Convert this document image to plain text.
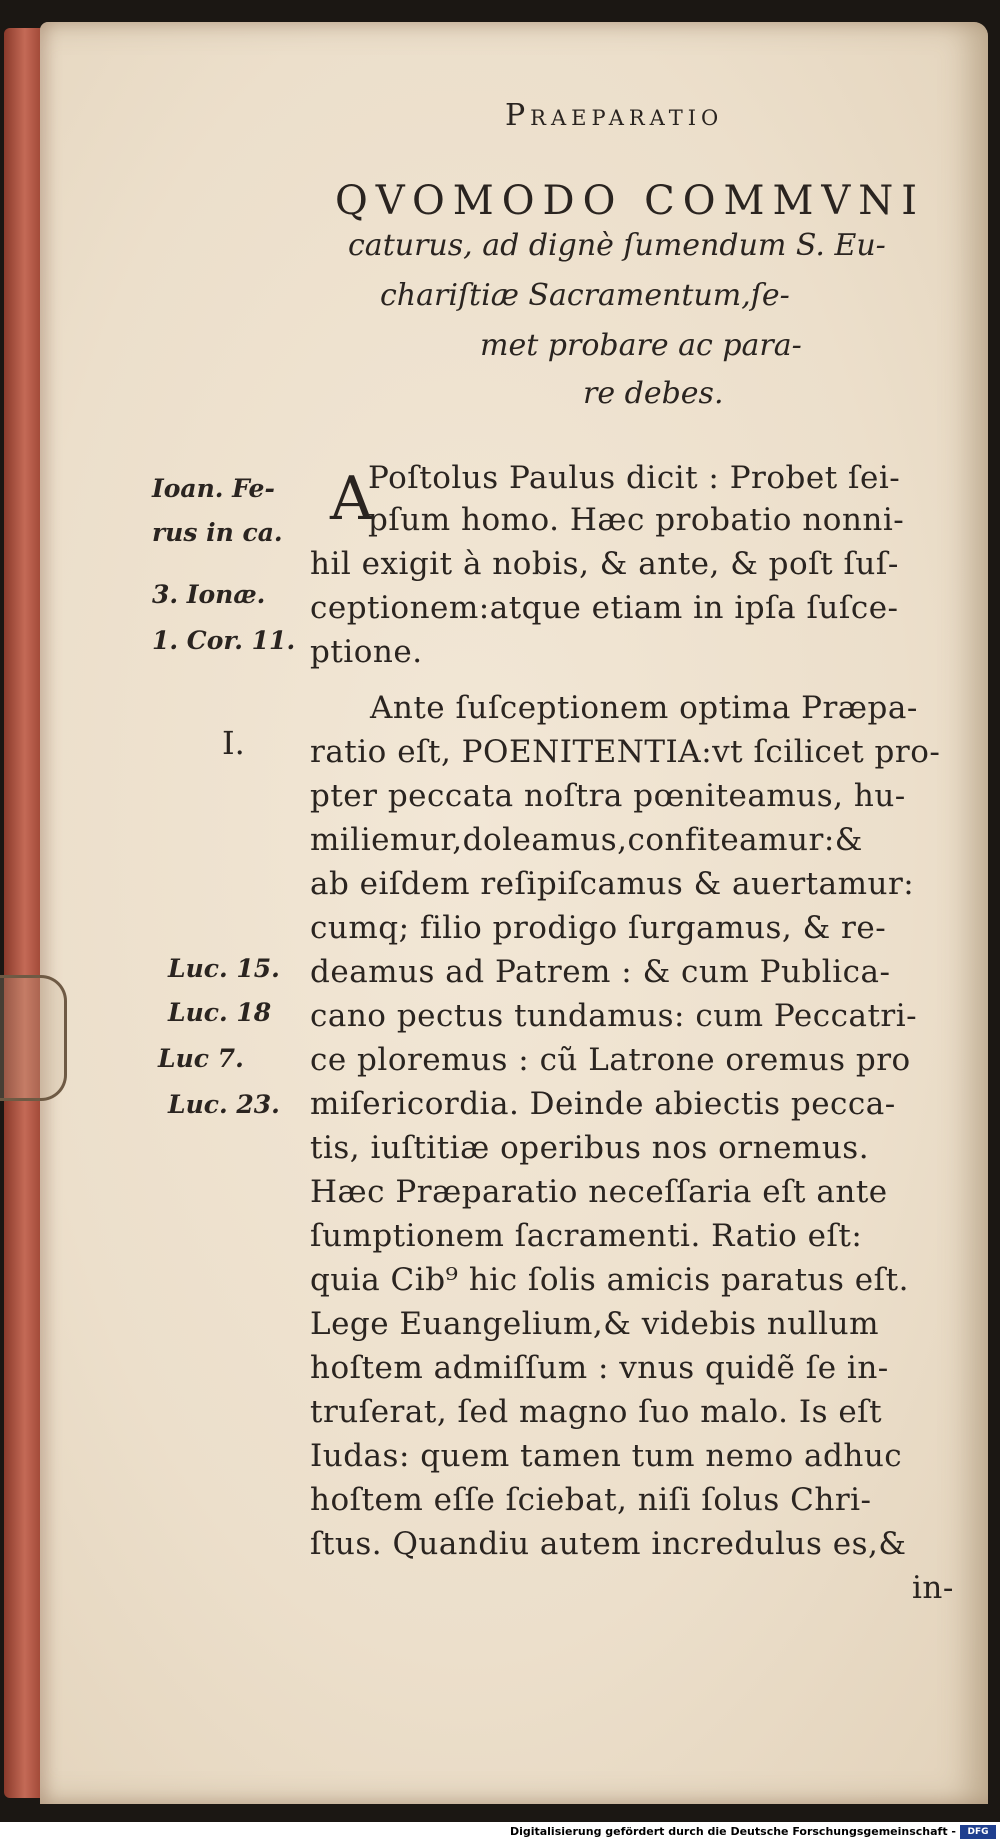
Praeparatio
QVOMODO COMMVNI
caturus, ad dignè ſumendum S. Eu-
chariſtiæ Sacramentum,ſe-
met probare ac para-
re debes.
Ioan. Fe-
rus in ca.
3. Ionæ.
1. Cor. 11.
Luc. 15.
Luc. 18
Luc 7.
Luc. 23.
I.
A
Poſtolus Paulus dicit : Probet ſei-
pſum homo. Hæc probatio nonni-
hil exigit à nobis, & ante, & poſt ſuſ-
ceptionem:atque etiam in ipſa ſuſce-
ptione.
Ante ſuſceptionem optima Præpa-
ratio eſt, POENITENTIA:vt ſcilicet pro-
pter peccata noſtra pœniteamus, hu-
miliemur,doleamus,confiteamur:&
ab eiſdem reſipiſcamus & auertamur:
cumq; filio prodigo ſurgamus, & re-
deamus ad Patrem : & cum Publica-
cano pectus tundamus: cum Peccatri-
ce ploremus : cũ Latrone oremus pro
miſericordia. Deinde abiectis pecca-
tis, iuſtitiæ operibus nos ornemus.
Hæc Præparatio neceſſaria eſt ante
ſumptionem ſacramenti. Ratio eſt:
quia Cib⁹ hic ſolis amicis paratus eſt.
Lege Euangelium,& videbis nullum
hoſtem admiſſum : vnus quidẽ ſe in-
truſerat, ſed magno ſuo malo. Is eſt
Iudas: quem tamen tum nemo adhuc
hoſtem eſſe ſciebat, niſi ſolus Chri-
ſtus. Quandiu autem incredulus es,&
in-
Digitalisierung gefördert durch die Deutsche Forschungsgemeinschaft -	DFG
